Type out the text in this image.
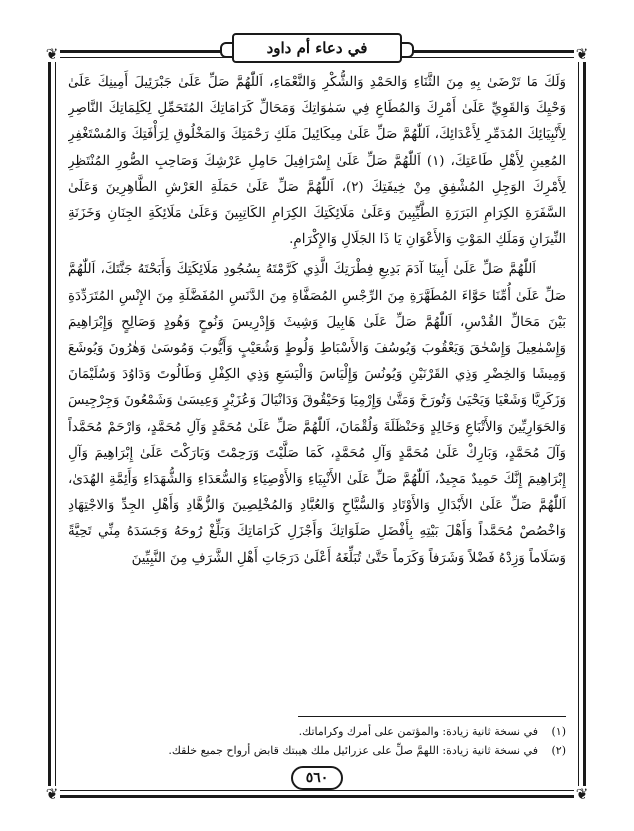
❦	❦
❦	❦
في دعاء أم داود

وَلَكَ مَا تَرْضَىٰ بِهِ مِنَ الثَّنَاءِ وَالحَمْدِ وَالشُّكْرِ وَالنَّعْمَاءِ، اَللّٰهُمَّ صَلِّ عَلَىٰ جَبْرَئِيلَ أَمِينِكَ عَلَىٰ وَحْيِكَ وَالقَوِيِّ عَلَىٰ أَمْرِكَ وَالمُطَاعِ فِي سَمٰوَاتِكَ وَمَحَالِّ كَرَامَاتِكَ المُتَحَمِّلِ لِكَلِمَاتِكَ النَّاصِرِ لِأَنْبِيَائِكَ المُدَمِّرِ لِأَعْدَائِكَ، اَللّٰهُمَّ صَلِّ عَلَىٰ مِيكَائِيلَ مَلَكِ رَحْمَتِكَ وَالمَخْلُوقِ لِرَأْفَتِكَ وَالمُسْتَغْفِرِ المُعِينِ لِأَهْلِ طَاعَتِكَ، (١) اَللّٰهُمَّ صَلِّ عَلَىٰ إِسْرَافِيلَ حَامِلِ عَرْشِكَ وَصَاحِبِ الصُّورِ المُنْتَظِرِ لِأَمْرِكَ الوَجِلِ المُشْفِقِ مِنْ خِيفَتِكَ (٢)، اَللّٰهُمَّ صَلِّ عَلَىٰ حَمَلَةِ العَرْشِ الطَّاهِرِينَ وَعَلَىٰ السَّفَرَةِ الكِرَامِ البَرَرَةِ الطَّيِّبِينَ وَعَلَىٰ مَلَائِكَتِكَ الكِرَامِ الكَاتِبِينَ وَعَلَىٰ مَلَائِكَةِ الجِنَانِ وَخَزَنَةِ النِّيرَانِ وَمَلَكِ المَوْتِ وَالأَعْوَانِ يَا ذَا الجَلَالِ وَالإِكْرَامِ.

اَللّٰهُمَّ صَلِّ عَلَىٰ أَبِينَا آدَمَ بَدِيعِ فِطْرَتِكَ الَّذِي كَرَّمْتَهُ بِسُجُودِ مَلَائِكَتِكَ وَأَبَحْتَهُ جَنَّتَكَ، اَللّٰهُمَّ صَلِّ عَلَىٰ أُمِّنَا حَوَّاءَ المُطَهَّرَةِ مِنَ الرِّجْسِ المُصَفَّاةِ مِنَ الدَّنَسِ المُفَضَّلَةِ مِنَ الإِنْسِ المُتَرَدِّدَةِ بَيْنَ مَحَالِّ القُدْسِ، اَللّٰهُمَّ صَلِّ عَلَىٰ هَابِيلَ وَشِيثَ وَإِدْرِيسَ وَنُوحٍ وَهُودٍ وَصَالِحٍ وَإِبْرَاهِيمَ وَإِسْمٰعِيلَ وَإِسْحٰقَ وَيَعْقُوبَ وَيُوسُفَ وَالأَسْبَاطِ وَلُوطٍ وَشُعَيْبٍ وَأَيُّوبَ وَمُوسَىٰ وَهٰرُونَ وَيُوشَعَ وَمِيشَا وَالخِضْرِ وَذِي القَرْنَيْنِ وَيُونُسَ وَإِلْيَاسَ وَالْيَسَعِ وَذِي الكِفْلِ وَطَالُوتَ وَدَاوُدَ وَسُلَيْمَانَ وَزَكَرِيَّا وَشَعْيَا وَيَحْيَىٰ وَتُورَخَ وَمَتَّىٰ وَإِرْمِيَا وَحَيْقُوقَ وَدَانْيَالَ وَعُزَيْرٍ وَعِيسَىٰ وَشَمْعُونَ وَجِرْجِيسَ وَالحَوَارِيِّينَ وَالأَتْبَاعِ وَخَالِدٍ وَحَنْظَلَةَ وَلُقْمَانَ، اَللّٰهُمَّ صَلِّ عَلَىٰ مُحَمَّدٍ وَآلِ مُحَمَّدٍ، وَارْحَمْ مُحَمَّداً وَآلَ مُحَمَّدٍ، وَبَارِكْ عَلَىٰ مُحَمَّدٍ وَآلِ مُحَمَّدٍ، كَمَا صَلَّيْتَ وَرَحِمْتَ وَبَارَكْتَ عَلَىٰ إِبْرَاهِيمَ وَآلِ إِبْرَاهِيمَ إِنَّكَ حَمِيدٌ مَجِيدٌ، اَللّٰهُمَّ صَلِّ عَلَىٰ الأَنْبِيَاءِ وَالأَوْصِيَاءِ وَالسُّعَدَاءِ وَالشُّهَدَاءِ وَأَئِمَّةِ الهُدَىٰ، اَللّٰهُمَّ صَلِّ عَلَىٰ الأَبْدَالِ وَالأَوْتَادِ وَالسُّيَّاحِ وَالعُبَّادِ وَالمُخْلِصِينَ وَالزُّهَّادِ وَأَهْلِ الجِدِّ وَالاجْتِهَادِ وَاخْصُصْ مُحَمَّداً وَأَهْلَ بَيْتِهِ بِأَفْضَلِ صَلَوَاتِكَ وَأَجْزَلِ كَرَامَاتِكَ وَبَلِّغْ رُوحَهُ وَجَسَدَهُ مِنِّي تَحِيَّةً وَسَلَاماً وَزِدْهُ فَضْلاً وَشَرَفاً وَكَرَماً حَتَّىٰ تُبَلِّغَهُ أَعْلَىٰ دَرَجَاتِ أَهْلِ الشَّرَفِ مِنَ النَّبِيِّينَ

(١)
في نسخة ثانية زيادة: والمؤتمن على أمرك وكراماتك.
(٢)
في نسخة ثانية زيادة: اللهمَّ صلِّ على عزرائيل ملك هيبتك قابض أرواح جميع خلقك.
٥٦٠
